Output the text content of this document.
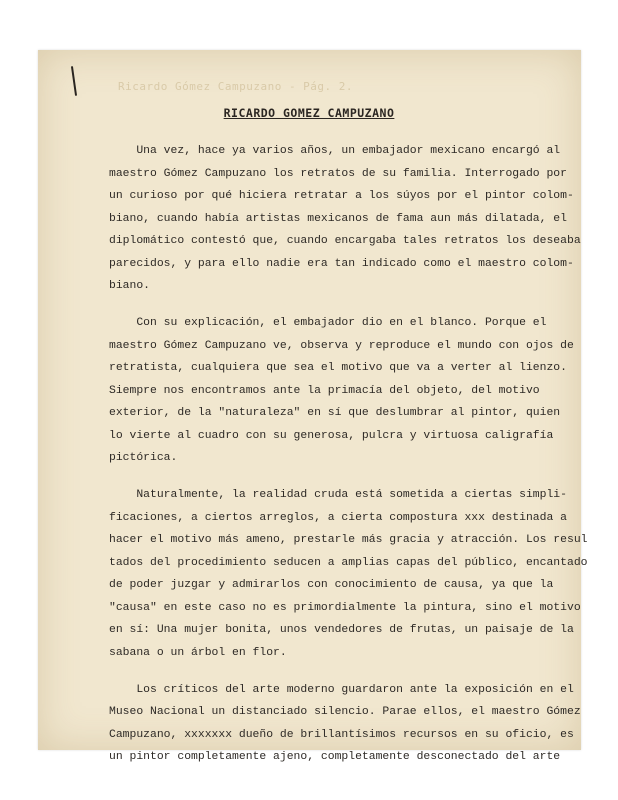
Ricardo Gómez Campuzano - Pág. 2.
RICARDO GOMEZ CAMPUZANO
Una vez, hace ya varios años, un embajador mexicano encargó al
maestro Gómez Campuzano los retratos de su familia. Interrogado por
un curioso por qué hiciera retratar a los súyos por el pintor colom-
biano, cuando había artistas mexicanos de fama aun más dilatada, el
diplomático contestó que, cuando encargaba tales retratos los deseaba
parecidos, y para ello nadie era tan indicado como el maestro colom-
biano.
Con su explicación, el embajador dio en el blanco. Porque el
maestro Gómez Campuzano ve, observa y reproduce el mundo con ojos de
retratista, cualquiera que sea el motivo que va a verter al lienzo.
Siempre nos encontramos ante la primacía del objeto, del motivo
exterior, de la "naturaleza" en sí que deslumbrar al pintor, quien
lo vierte al cuadro con su generosa, pulcra y virtuosa caligrafía
pictórica.
Naturalmente, la realidad cruda está sometida a ciertas simpli-
ficaciones, a ciertos arreglos, a cierta compostura xxx destinada a
hacer el motivo más ameno, prestarle más gracia y atracción. Los resul
tados del procedimiento seducen a amplias capas del público, encantado
de poder juzgar y admirarlos con conocimiento de causa, ya que la
"causa" en este caso no es primordialmente la pintura, sino el motivo
en sí: Una mujer bonita, unos vendedores de frutas, un paisaje de la
sabana o un árbol en flor.
Los críticos del arte moderno guardaron ante la exposición en el
Museo Nacional un distanciado silencio. Parae ellos, el maestro Gómez
Campuzano, xxxxxxx dueño de brillantísimos recursos en su oficio, es
un pintor completamente ajeno, completamente desconectado del arte
